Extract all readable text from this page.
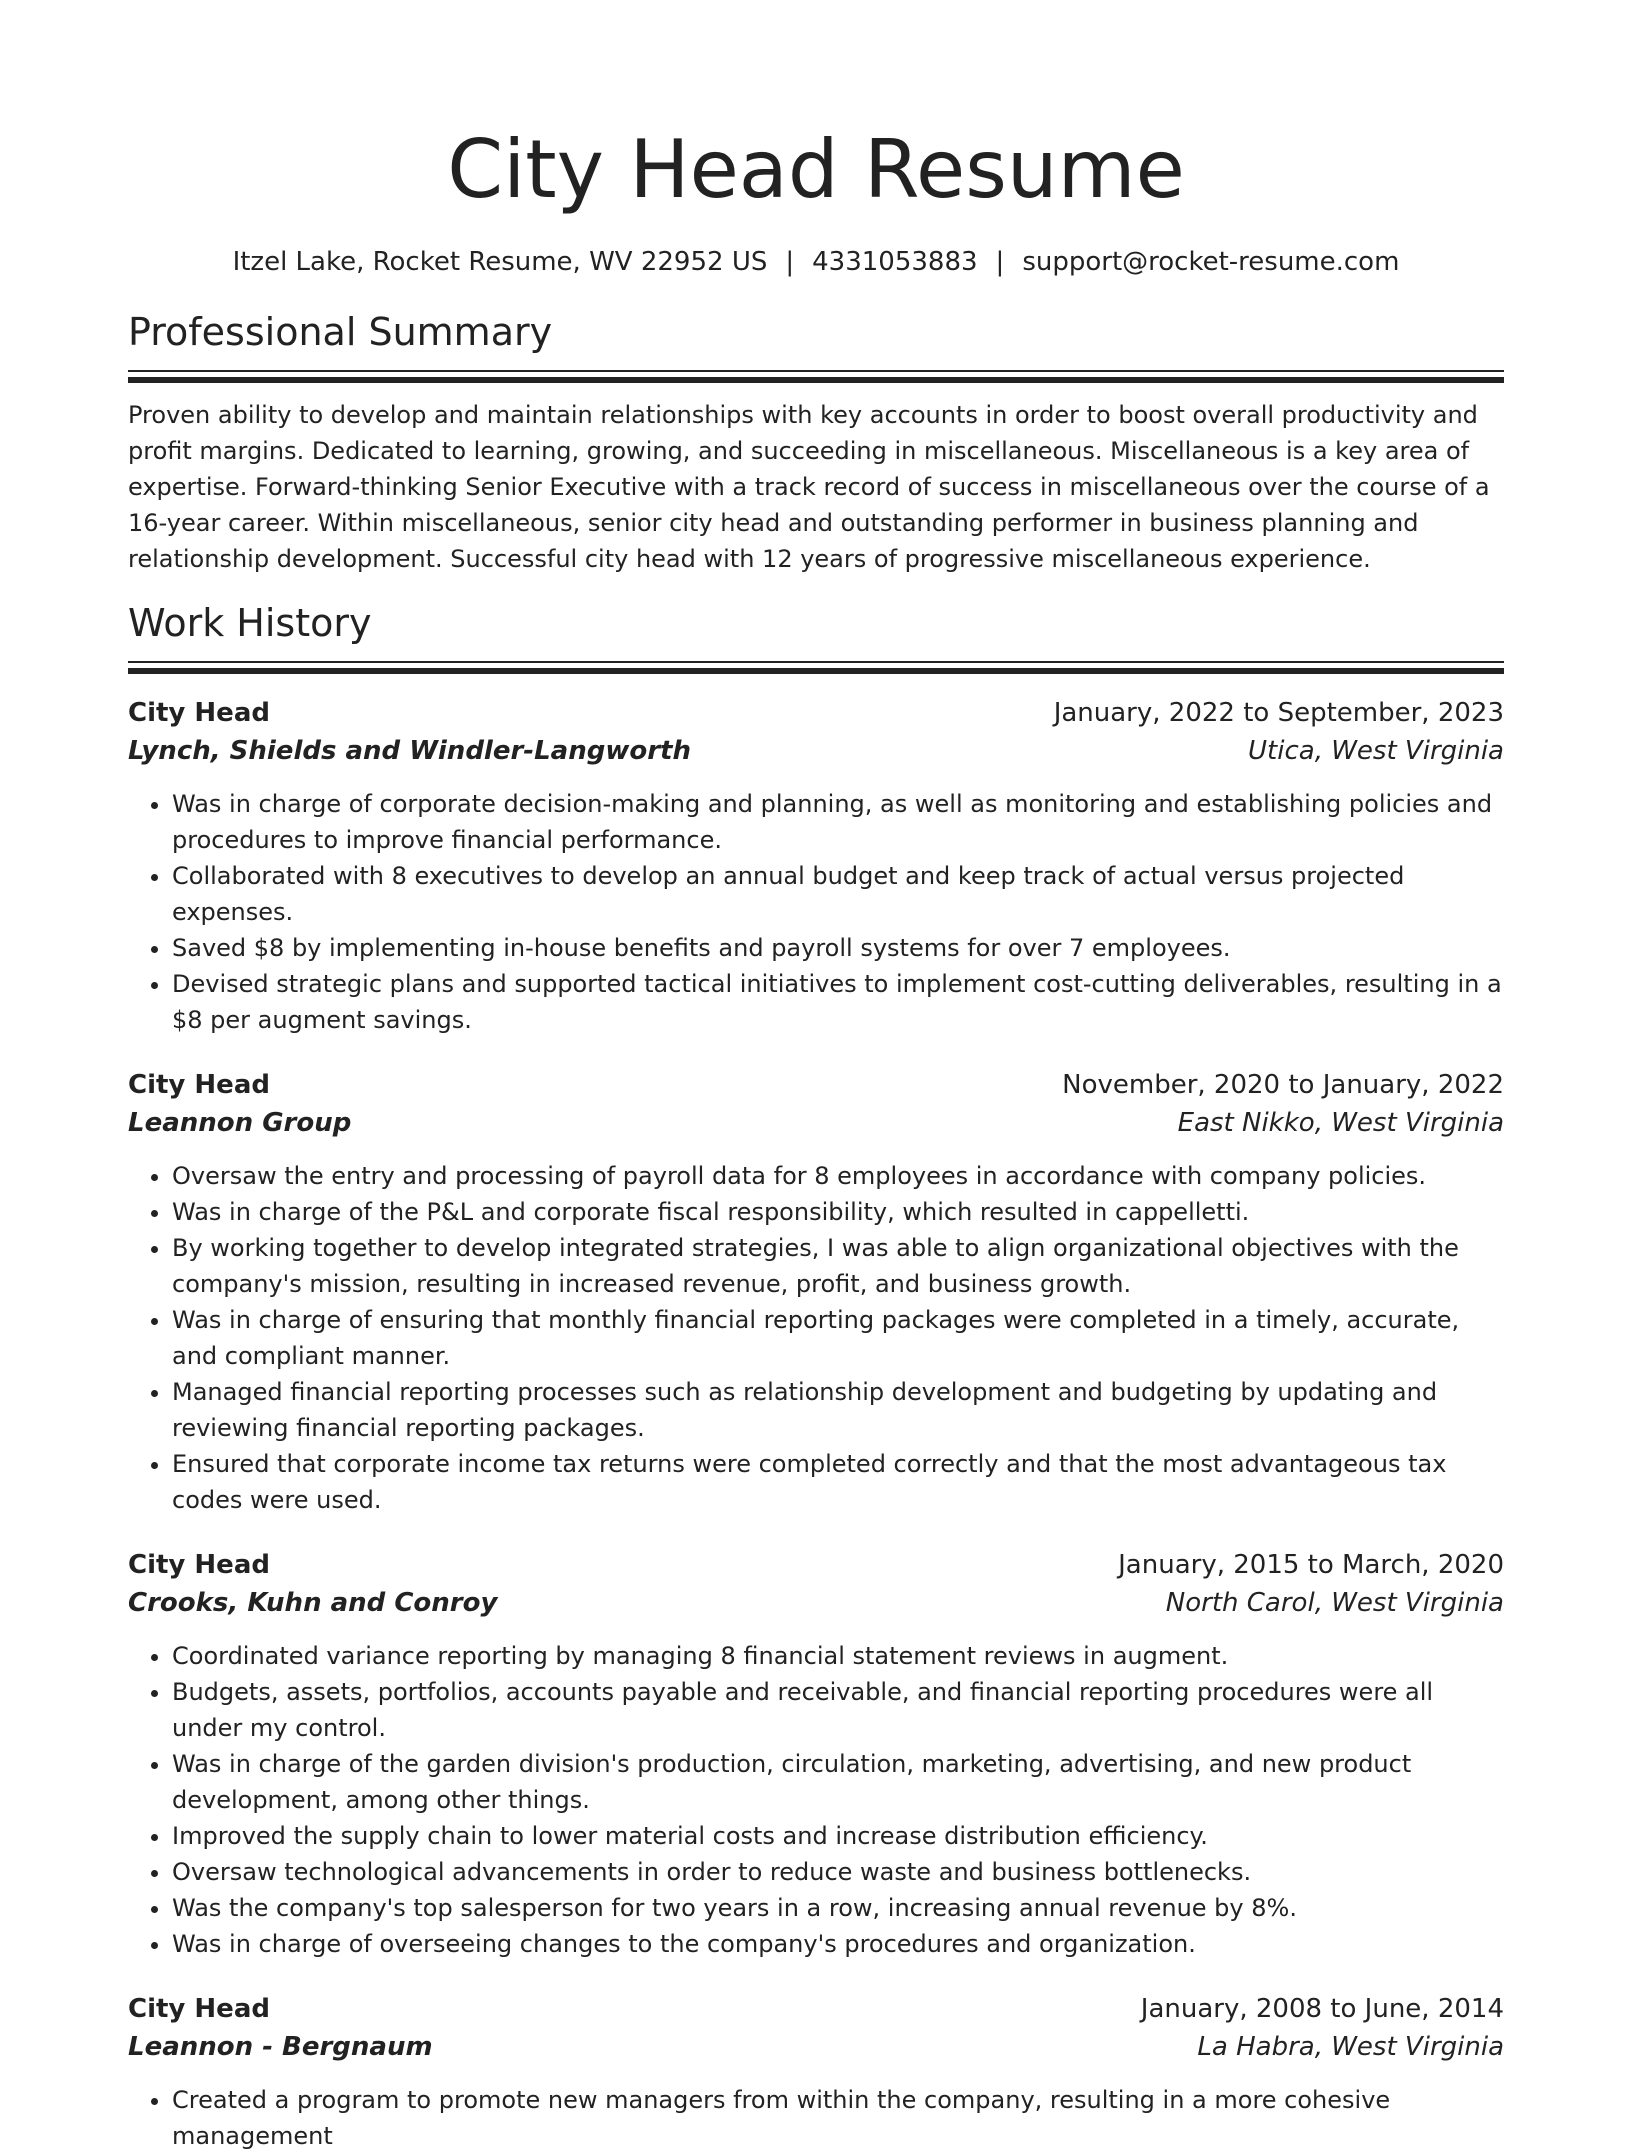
City Head Resume
Itzel Lake, Rocket Resume, WV 22952 US | 4331053883 | support@rocket-resume.com
Professional Summary
Proven ability to develop and maintain relationships with key accounts in order to boost overall productivity and profit margins. Dedicated to learning, growing, and succeeding in miscellaneous. Miscellaneous is a key area of expertise. Forward-thinking Senior Executive with a track record of success in miscellaneous over the course of a 16-year career. Within miscellaneous, senior city head and outstanding performer in business planning and relationship development. Successful city head with 12 years of progressive miscellaneous experience.
Work History
City Head	January, 2022 to September, 2023
Lynch, Shields and Windler-Langworth	Utica, West Virginia
• Was in charge of corporate decision-making and planning, as well as monitoring and establishing policies and procedures to improve financial performance.
• Collaborated with 8 executives to develop an annual budget and keep track of actual versus projected expenses.
• Saved $8 by implementing in-house benefits and payroll systems for over 7 employees.
• Devised strategic plans and supported tactical initiatives to implement cost-cutting deliverables, resulting in a $8 per augment savings.
City Head	November, 2020 to January, 2022
Leannon Group	East Nikko, West Virginia
• Oversaw the entry and processing of payroll data for 8 employees in accordance with company policies.
• Was in charge of the P&L and corporate fiscal responsibility, which resulted in cappelletti.
• By working together to develop integrated strategies, I was able to align organizational objectives with the company's mission, resulting in increased revenue, profit, and business growth.
• Was in charge of ensuring that monthly financial reporting packages were completed in a timely, accurate, and compliant manner.
• Managed financial reporting processes such as relationship development and budgeting by updating and reviewing financial reporting packages.
• Ensured that corporate income tax returns were completed correctly and that the most advantageous tax codes were used.
City Head	January, 2015 to March, 2020
Crooks, Kuhn and Conroy	North Carol, West Virginia
• Coordinated variance reporting by managing 8 financial statement reviews in augment.
• Budgets, assets, portfolios, accounts payable and receivable, and financial reporting procedures were all under my control.
• Was in charge of the garden division's production, circulation, marketing, advertising, and new product development, among other things.
• Improved the supply chain to lower material costs and increase distribution efficiency.
• Oversaw technological advancements in order to reduce waste and business bottlenecks.
• Was the company's top salesperson for two years in a row, increasing annual revenue by 8%.
• Was in charge of overseeing changes to the company's procedures and organization.
City Head	January, 2008 to June, 2014
Leannon - Bergnaum	La Habra, West Virginia
• Created a program to promote new managers from within the company, resulting in a more cohesive management
